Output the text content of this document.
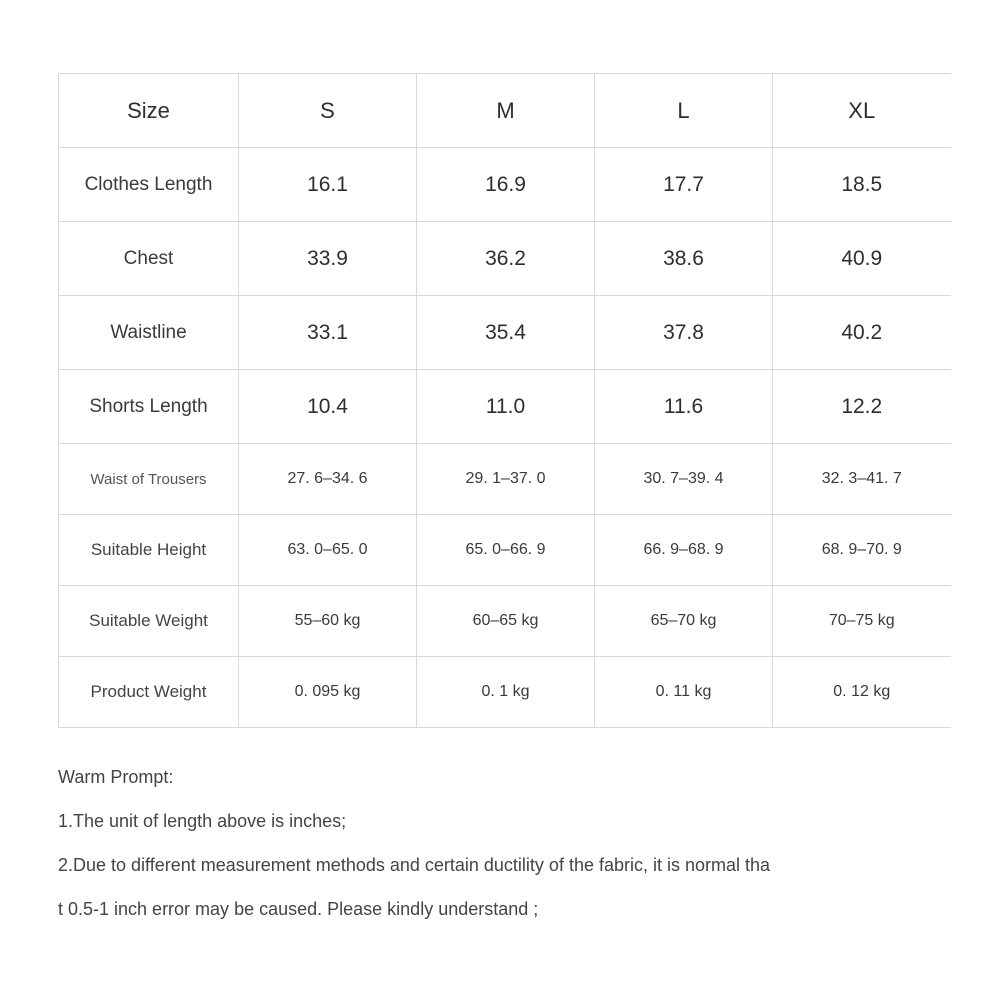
Size	S	M	L	XL
Clothes Length	16.1	16.9	17.7	18.5
Chest	33.9	36.2	38.6	40.9
Waistline	33.1	35.4	37.8	40.2
Shorts Length	10.4	11.0	11.6	12.2
Waist of Trousers	27. 6–34. 6	29. 1–37. 0	30. 7–39. 4	32. 3–41. 7
Suitable Height	63. 0–65. 0	65. 0–66. 9	66. 9–68. 9	68. 9–70. 9
Suitable Weight	55–60 kg	60–65 kg	65–70 kg	70–75 kg
Product Weight	0. 095 kg	0. 1 kg	0. 11 kg	0. 12 kg
Warm Prompt:
1.The unit of length above is inches;
2.Due to different measurement methods and certain ductility of the fabric, it is normal tha
t 0.5-1 inch error may be caused. Please kindly understand ;
